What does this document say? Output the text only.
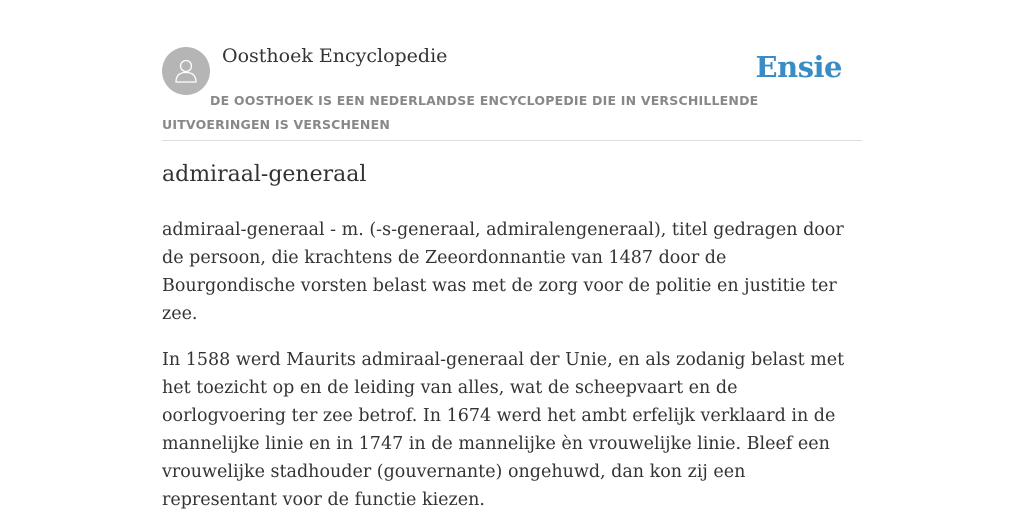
Oosthoek Encyclopedie	Ensie
DE OOSTHOEK IS EEN NEDERLANDSE ENCYCLOPEDIE DIE IN VERSCHILLENDE UITVOERINGEN IS VERSCHENEN
admiraal-generaal

admiraal-generaal - m. (-s-generaal, admiralengeneraal), titel gedragen door de persoon, die krachtens de Zeeordonnantie van 1487 door de Bourgondische vorsten belast was met de zorg voor de politie en justitie ter zee.

In 1588 werd Maurits admiraal-generaal der Unie, en als zodanig belast met het toezicht op en de leiding van alles, wat de scheepvaart en de oorlogvoering ter zee betrof. In 1674 werd het ambt erfelijk verklaard in de mannelijke linie en in 1747 in de mannelijke èn vrouwelijke linie. Bleef een vrouwelijke stadhouder (gouvernante) ongehuwd, dan kon zij een representant voor de functie kiezen.
